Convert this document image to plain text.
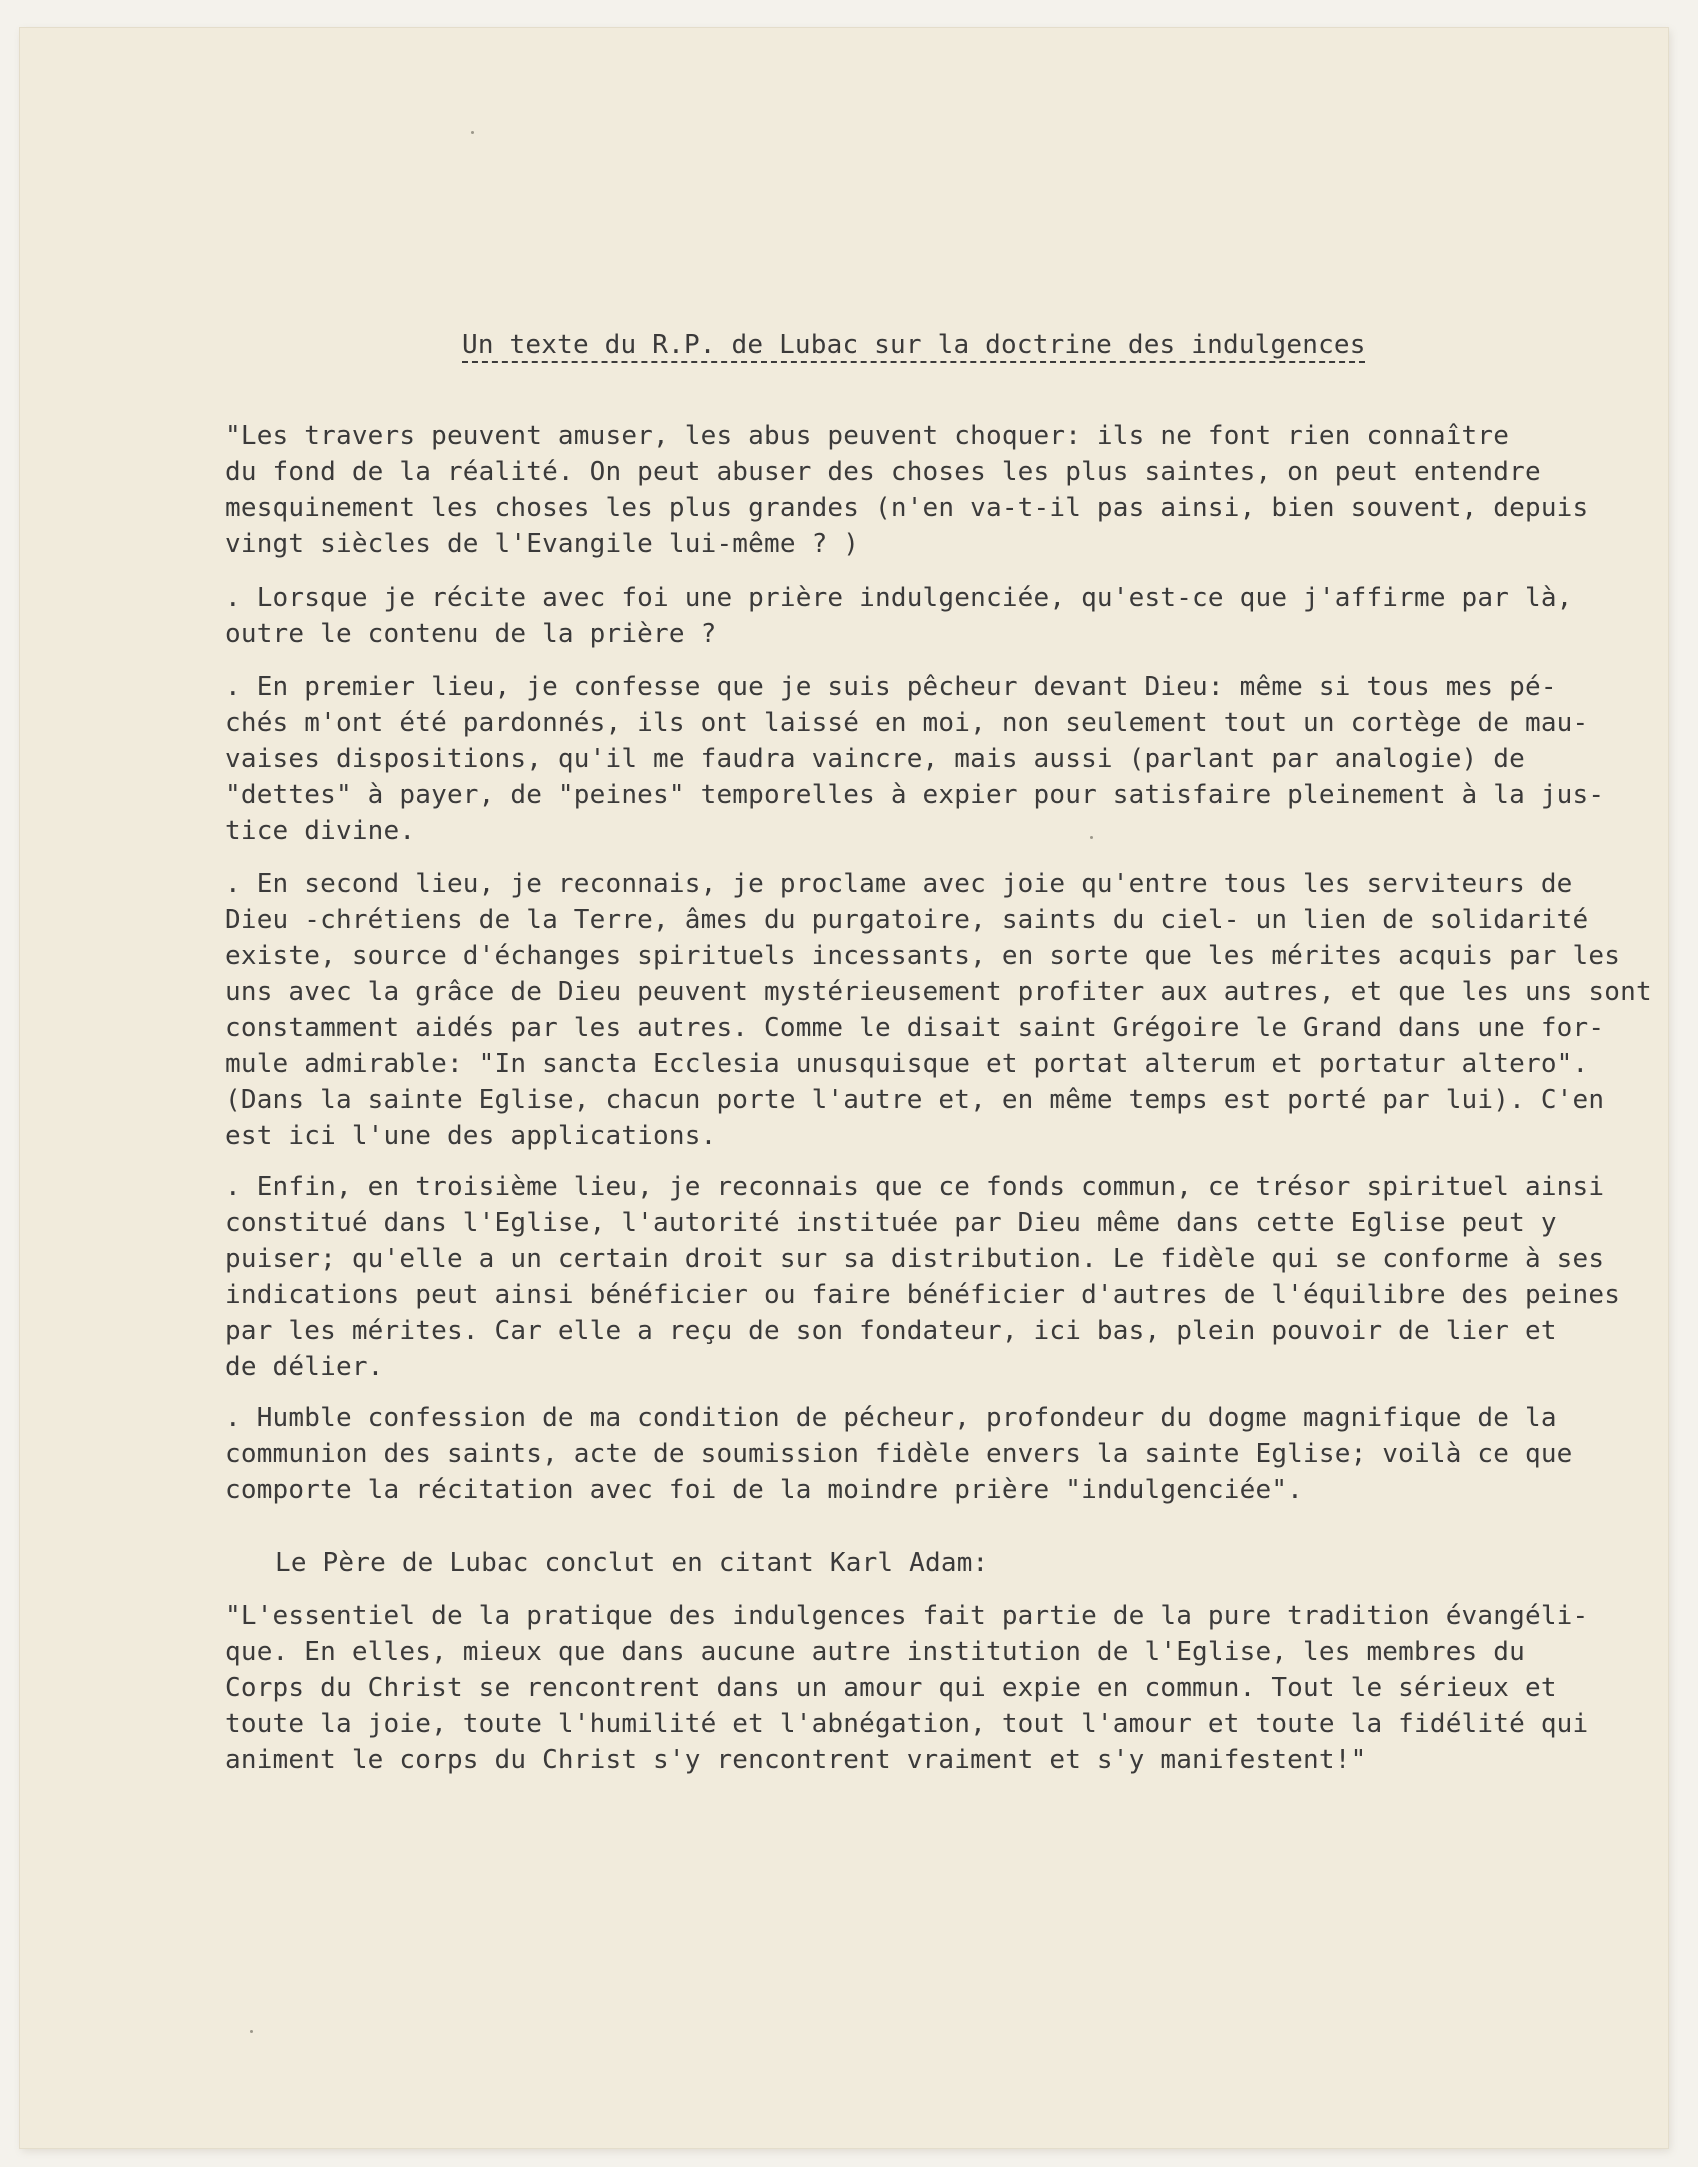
Un texte du R.P. de Lubac sur la doctrine des indulgences
"Les travers peuvent amuser, les abus peuvent choquer: ils ne font rien connaître
du fond de la réalité. On peut abuser des choses les plus saintes, on peut entendre
mesquinement les choses les plus grandes (n'en va-t-il pas ainsi, bien souvent, depuis
vingt siècles de l'Evangile lui-même ? )
. Lorsque je récite avec foi une prière indulgenciée, qu'est-ce que j'affirme par là,
outre le contenu de la prière ?
. En premier lieu, je confesse que je suis pêcheur devant Dieu: même si tous mes pé-
chés m'ont été pardonnés, ils ont laissé en moi, non seulement tout un cortège de mau-
vaises dispositions, qu'il me faudra vaincre, mais aussi (parlant par analogie) de
"dettes" à payer, de "peines" temporelles à expier pour satisfaire pleinement à la jus-
tice divine.
. En second lieu, je reconnais, je proclame avec joie qu'entre tous les serviteurs de
Dieu -chrétiens de la Terre, âmes du purgatoire, saints du ciel- un lien de solidarité
existe, source d'échanges spirituels incessants, en sorte que les mérites acquis par les
uns avec la grâce de Dieu peuvent mystérieusement profiter aux autres, et que les uns sont
constamment aidés par les autres. Comme le disait saint Grégoire le Grand dans une for-
mule admirable: "In sancta Ecclesia unusquisque et portat alterum et portatur altero".
(Dans la sainte Eglise, chacun porte l'autre et, en même temps est porté par lui). C'en
est ici l'une des applications.
. Enfin, en troisième lieu, je reconnais que ce fonds commun, ce trésor spirituel ainsi
constitué dans l'Eglise, l'autorité instituée par Dieu même dans cette Eglise peut y
puiser; qu'elle a un certain droit sur sa distribution. Le fidèle qui se conforme à ses
indications peut ainsi bénéficier ou faire bénéficier d'autres de l'équilibre des peines
par les mérites. Car elle a reçu de son fondateur, ici bas, plein pouvoir de lier et
de délier.
. Humble confession de ma condition de pécheur, profondeur du dogme magnifique de la
communion des saints, acte de soumission fidèle envers la sainte Eglise; voilà ce que
comporte la récitation avec foi de la moindre prière "indulgenciée".
Le Père de Lubac conclut en citant Karl Adam:
"L'essentiel de la pratique des indulgences fait partie de la pure tradition évangéli-
que. En elles, mieux que dans aucune autre institution de l'Eglise, les membres du
Corps du Christ se rencontrent dans un amour qui expie en commun. Tout le sérieux et
toute la joie, toute l'humilité et l'abnégation, tout l'amour et toute la fidélité qui
animent le corps du Christ s'y rencontrent vraiment et s'y manifestent!"
